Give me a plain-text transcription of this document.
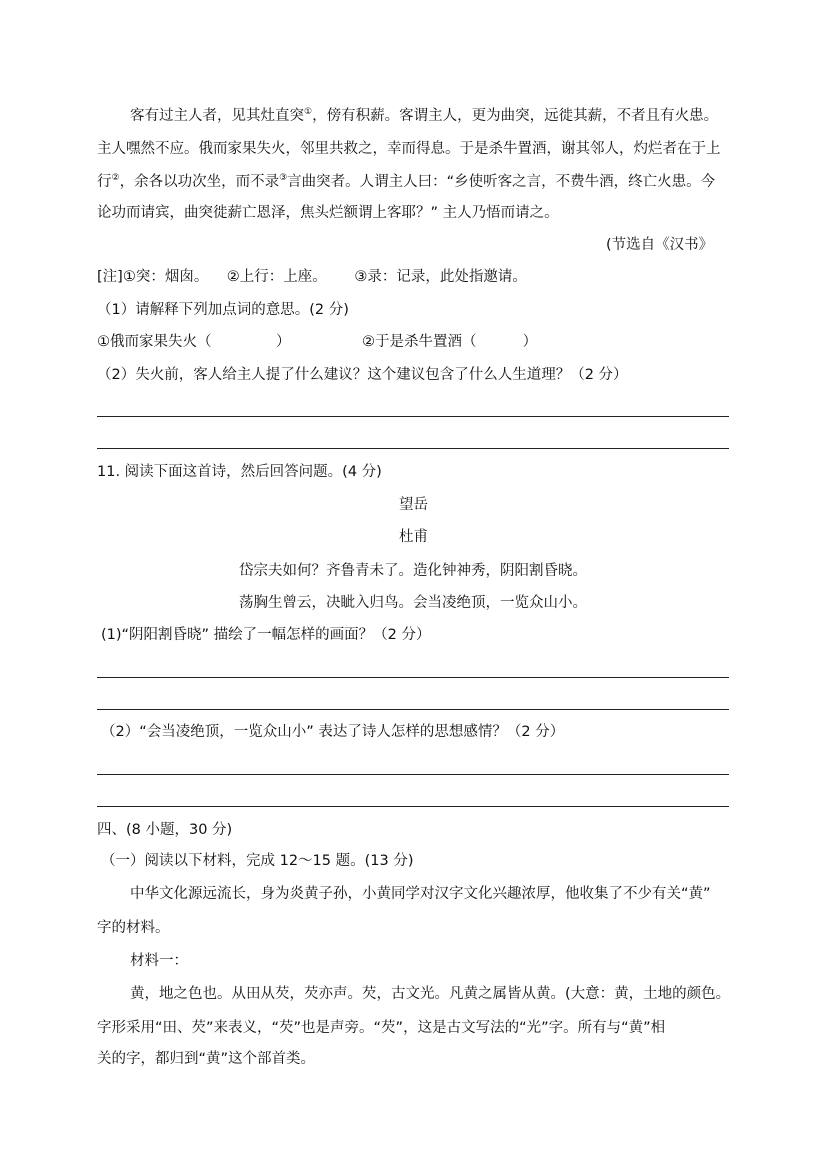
客有过主人者，见其灶直突①，傍有积薪。客谓主人，更为曲突，远徙其薪，不者且有火患。
主人嘿然不应。俄而家果失火，邻里共救之，幸而得息。于是杀牛置酒，谢其邻人，灼烂者在于上
行②，余各以功次坐，而不录③言曲突者。人谓主人曰：“乡使听客之言，不费牛酒，终亡火患。今
论功而请宾，曲突徙薪亡恩泽，焦头烂额谓上客耶？” 主人乃悟而请之。
(节选自《汉书》
[注]①突：烟囱。    ②上行：上座。      ③录：记录，此处指邀请。
（1）请解释下列加点词的意思。(2 分)
①俄而家果失火（              ）	②于是杀牛置酒（          ）
（2）失火前，客人给主人提了什么建议？这个建议包含了什么人生道理？（2 分）
11. 阅读下面这首诗，然后回答问题。(4 分)
望岳
杜甫
岱宗夫如何？齐鲁青未了。造化钟神秀，阴阳割昏晓。
荡胸生曾云，决眦入归鸟。会当凌绝顶，一览众山小。
(1)“阴阳割昏晓” 描绘了一幅怎样的画面？（2 分）
（2）“会当凌绝顶，一览众山小” 表达了诗人怎样的思想感情？（2 分）
四、(8 小题，30 分)
（一）阅读以下材料，完成 12～15 题。(13 分)
中华文化源远流长，身为炎黄子孙，小黄同学对汉字文化兴趣浓厚，他收集了不少有关“黄”
字的材料。
材料一：
黄，地之色也。从田从芡，芡亦声。芡，古文光。凡黄之属皆从黄。(大意：黄，土地的颜色。
字形采用“田、芡”来表义，“芡”也是声旁。“芡”，这是古文写法的“光”字。所有与“黄”相
关的字，都归到“黄”这个部首类。
